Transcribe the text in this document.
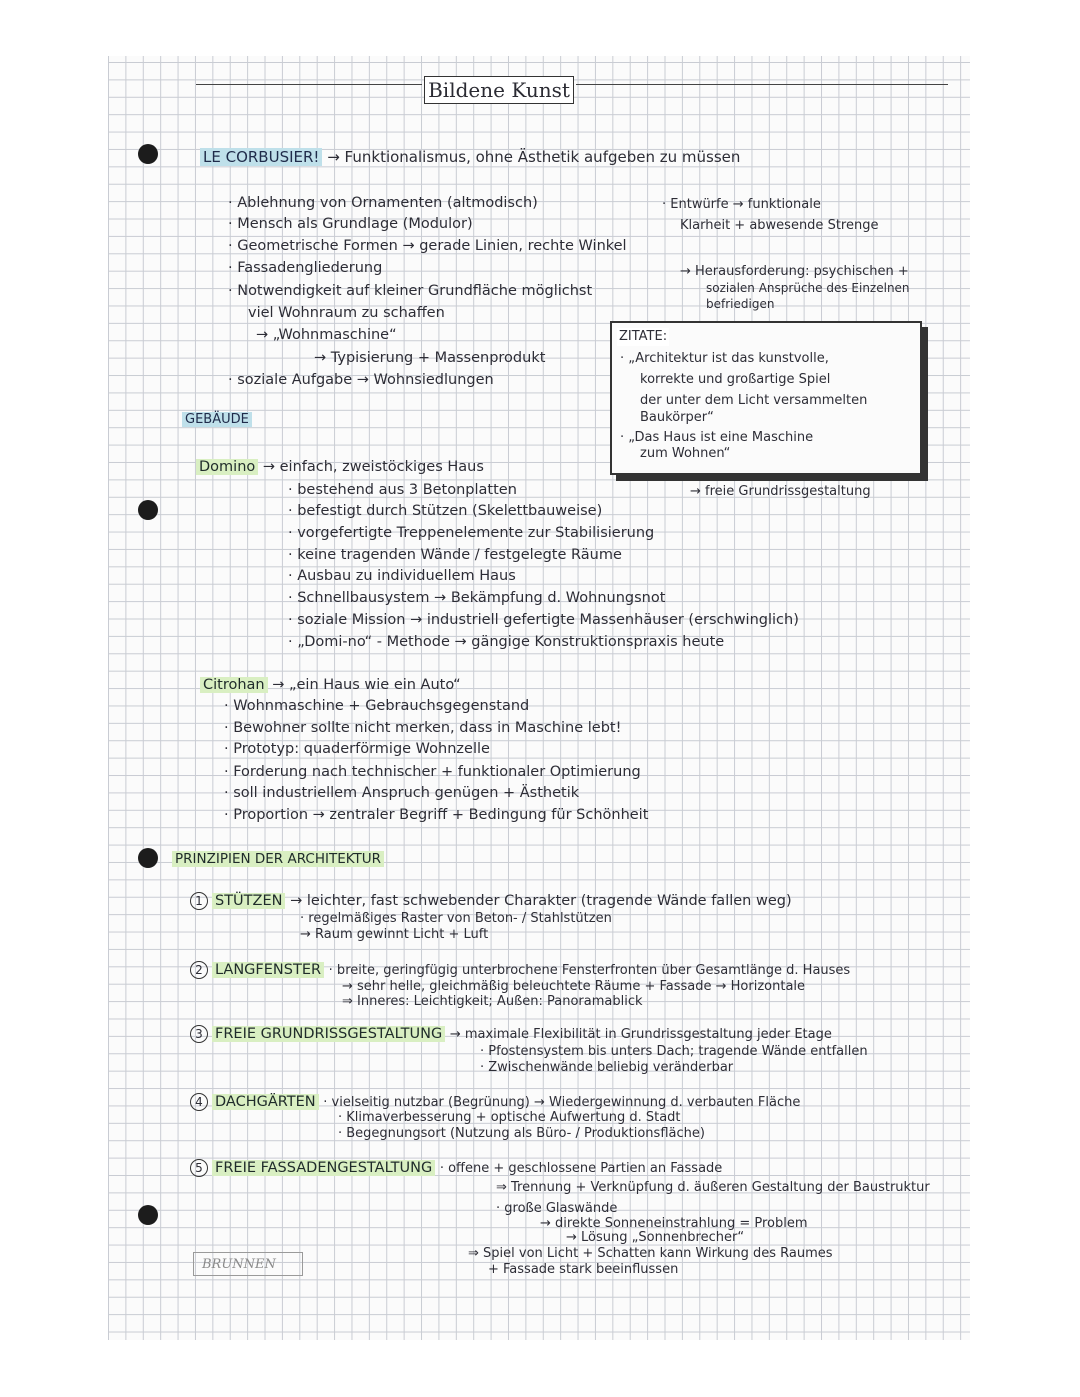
Bildene Kunst
LE CORBUSIER! → Funktionalismus, ohne Ästhetik aufgeben zu müssen
· Ablehnung von Ornamenten (altmodisch)
· Mensch als Grundlage (Modulor)
· Geometrische Formen → gerade Linien, rechte Winkel
· Fassadengliederung
· Notwendigkeit auf kleiner Grundfläche möglichst
viel Wohnraum zu schaffen
→ „Wohnmaschine“
→ Typisierung + Massenprodukt
· soziale Aufgabe → Wohnsiedlungen
· Entwürfe → funktionale
Klarheit + abwesende Strenge
→ Herausforderung: psychischen +
sozialen Ansprüche des Einzelnen
befriedigen
ZITATE:
· „Architektur ist das kunstvolle,
korrekte und großartige Spiel
der unter dem Licht versammelten
Baukörper“
· „Das Haus ist eine Maschine
zum Wohnen“
GEBÄUDE
Domino → einfach, zweistöckiges Haus
→ freie Grundrissgestaltung
· bestehend aus 3 Betonplatten
· befestigt durch Stützen (Skelettbauweise)
· vorgefertigte Treppenelemente zur Stabilisierung
· keine tragenden Wände / festgelegte Räume
· Ausbau zu individuellem Haus
· Schnellbausystem → Bekämpfung d. Wohnungsnot
· soziale Mission → industriell gefertigte Massenhäuser (erschwinglich)
· „Domi-no“ - Methode → gängige Konstruktionspraxis heute
Citrohan → „ein Haus wie ein Auto“
· Wohnmaschine + Gebrauchsgegenstand
· Bewohner sollte nicht merken, dass in Maschine lebt!
· Prototyp: quaderförmige Wohnzelle
· Forderung nach technischer + funktionaler Optimierung
· soll industriellem Anspruch genügen + Ästhetik
· Proportion → zentraler Begriff + Bedingung für Schönheit
PRINZIPIEN DER ARCHITEKTUR
1 STÜTZEN → leichter, fast schwebender Charakter (tragende Wände fallen weg)
· regelmäßiges Raster von Beton- / Stahlstützen
→ Raum gewinnt Licht + Luft
2 LANGFENSTER · breite, geringfügig unterbrochene Fensterfronten über Gesamtlänge d. Hauses
→ sehr helle, gleichmäßig beleuchtete Räume + Fassade → Horizontale
⇒ Inneres: Leichtigkeit; Außen: Panoramablick
3 FREIE GRUNDRISSGESTALTUNG → maximale Flexibilität in Grundrissgestaltung jeder Etage
· Pfostensystem bis unters Dach; tragende Wände entfallen
· Zwischenwände beliebig veränderbar
4 DACHGÄRTEN · vielseitig nutzbar (Begrünung) → Wiedergewinnung d. verbauten Fläche
· Klimaverbesserung + optische Aufwertung d. Stadt
· Begegnungsort (Nutzung als Büro- / Produktionsfläche)
5 FREIE FASSADENGESTALTUNG · offene + geschlossene Partien an Fassade
⇒ Trennung + Verknüpfung d. äußeren Gestaltung der Baustruktur
· große Glaswände
→ direkte Sonneneinstrahlung = Problem
→ Lösung „Sonnenbrecher“
⇒ Spiel von Licht + Schatten kann Wirkung des Raumes
+ Fassade stark beeinflussen
BRUNNEN
